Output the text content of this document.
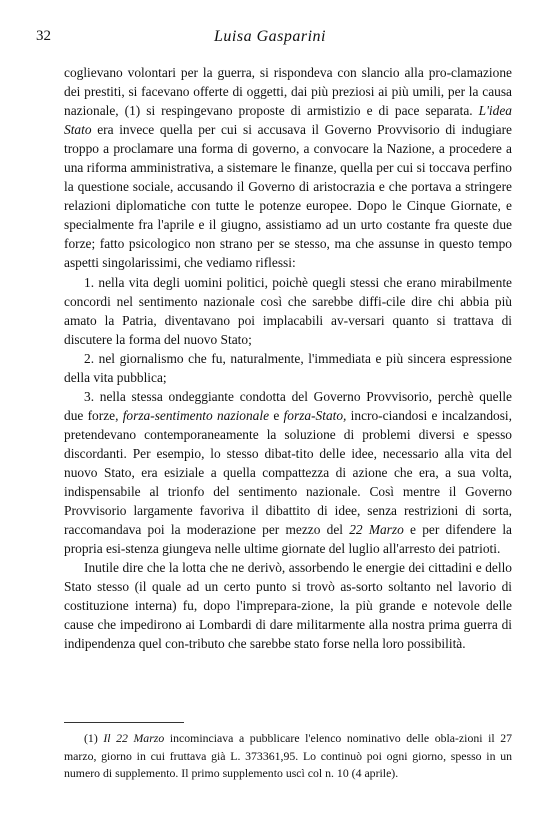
32	Luisa Gasparini

coglievano volontari per la guerra, si rispondeva con slancio alla pro-clamazione dei prestiti, si facevano offerte di oggetti, dai più preziosi ai più umili, per la causa nazionale, (1) si respingevano proposte di armistizio e di pace separata. L'idea Stato era invece quella per cui si accusava il Governo Provvisorio di indugiare troppo a proclamare una forma di governo, a convocare la Nazione, a procedere a una riforma amministrativa, a sistemare le finanze, quella per cui si toccava perfino la questione sociale, accusando il Governo di aristocrazia e che portava a stringere relazioni diplomatiche con tutte le potenze europee. Dopo le Cinque Giornate, e specialmente fra l'aprile e il giugno, assistiamo ad un urto costante fra queste due forze; fatto psicologico non strano per se stesso, ma che assunse in questo tempo aspetti singolarissimi, che vediamo riflessi:

1. nella vita degli uomini politici, poichè quegli stessi che erano mirabilmente concordi nel sentimento nazionale così che sarebbe diffi-cile dire chi abbia più amato la Patria, diventavano poi implacabili av-versari quanto si trattava di discutere la forma del nuovo Stato;

2. nel giornalismo che fu, naturalmente, l'immediata e più sincera espressione della vita pubblica;

3. nella stessa ondeggiante condotta del Governo Provvisorio, perchè quelle due forze, forza-sentimento nazionale e forza-Stato, incro-ciandosi e incalzandosi, pretendevano contemporaneamente la soluzione di problemi diversi e spesso discordanti. Per esempio, lo stesso dibat-tito delle idee, necessario alla vita del nuovo Stato, era esiziale a quella compattezza di azione che era, a sua volta, indispensabile al trionfo del sentimento nazionale. Così mentre il Governo Provvisorio largamente favoriva il dibattito di idee, senza restrizioni di sorta, raccomandava poi la moderazione per mezzo del 22 Marzo e per difendere la propria esi-stenza giungeva nelle ultime giornate del luglio all'arresto dei patrioti.

Inutile dire che la lotta che ne derivò, assorbendo le energie dei cittadini e dello Stato stesso (il quale ad un certo punto si trovò as-sorto soltanto nel lavorio di costituzione interna) fu, dopo l'imprepara-zione, la più grande e notevole delle cause che impedirono ai Lombardi di dare militarmente alla nostra prima guerra di indipendenza quel con-tributo che sarebbe stato forse nella loro possibilità.

(1) Il 22 Marzo incominciava a pubblicare l'elenco nominativo delle obla-zioni il 27 marzo, giorno in cui fruttava già L. 373361,95. Lo continuò poi ogni giorno, spesso in un numero di supplemento. Il primo supplemento uscì col n. 10 (4 aprile).
